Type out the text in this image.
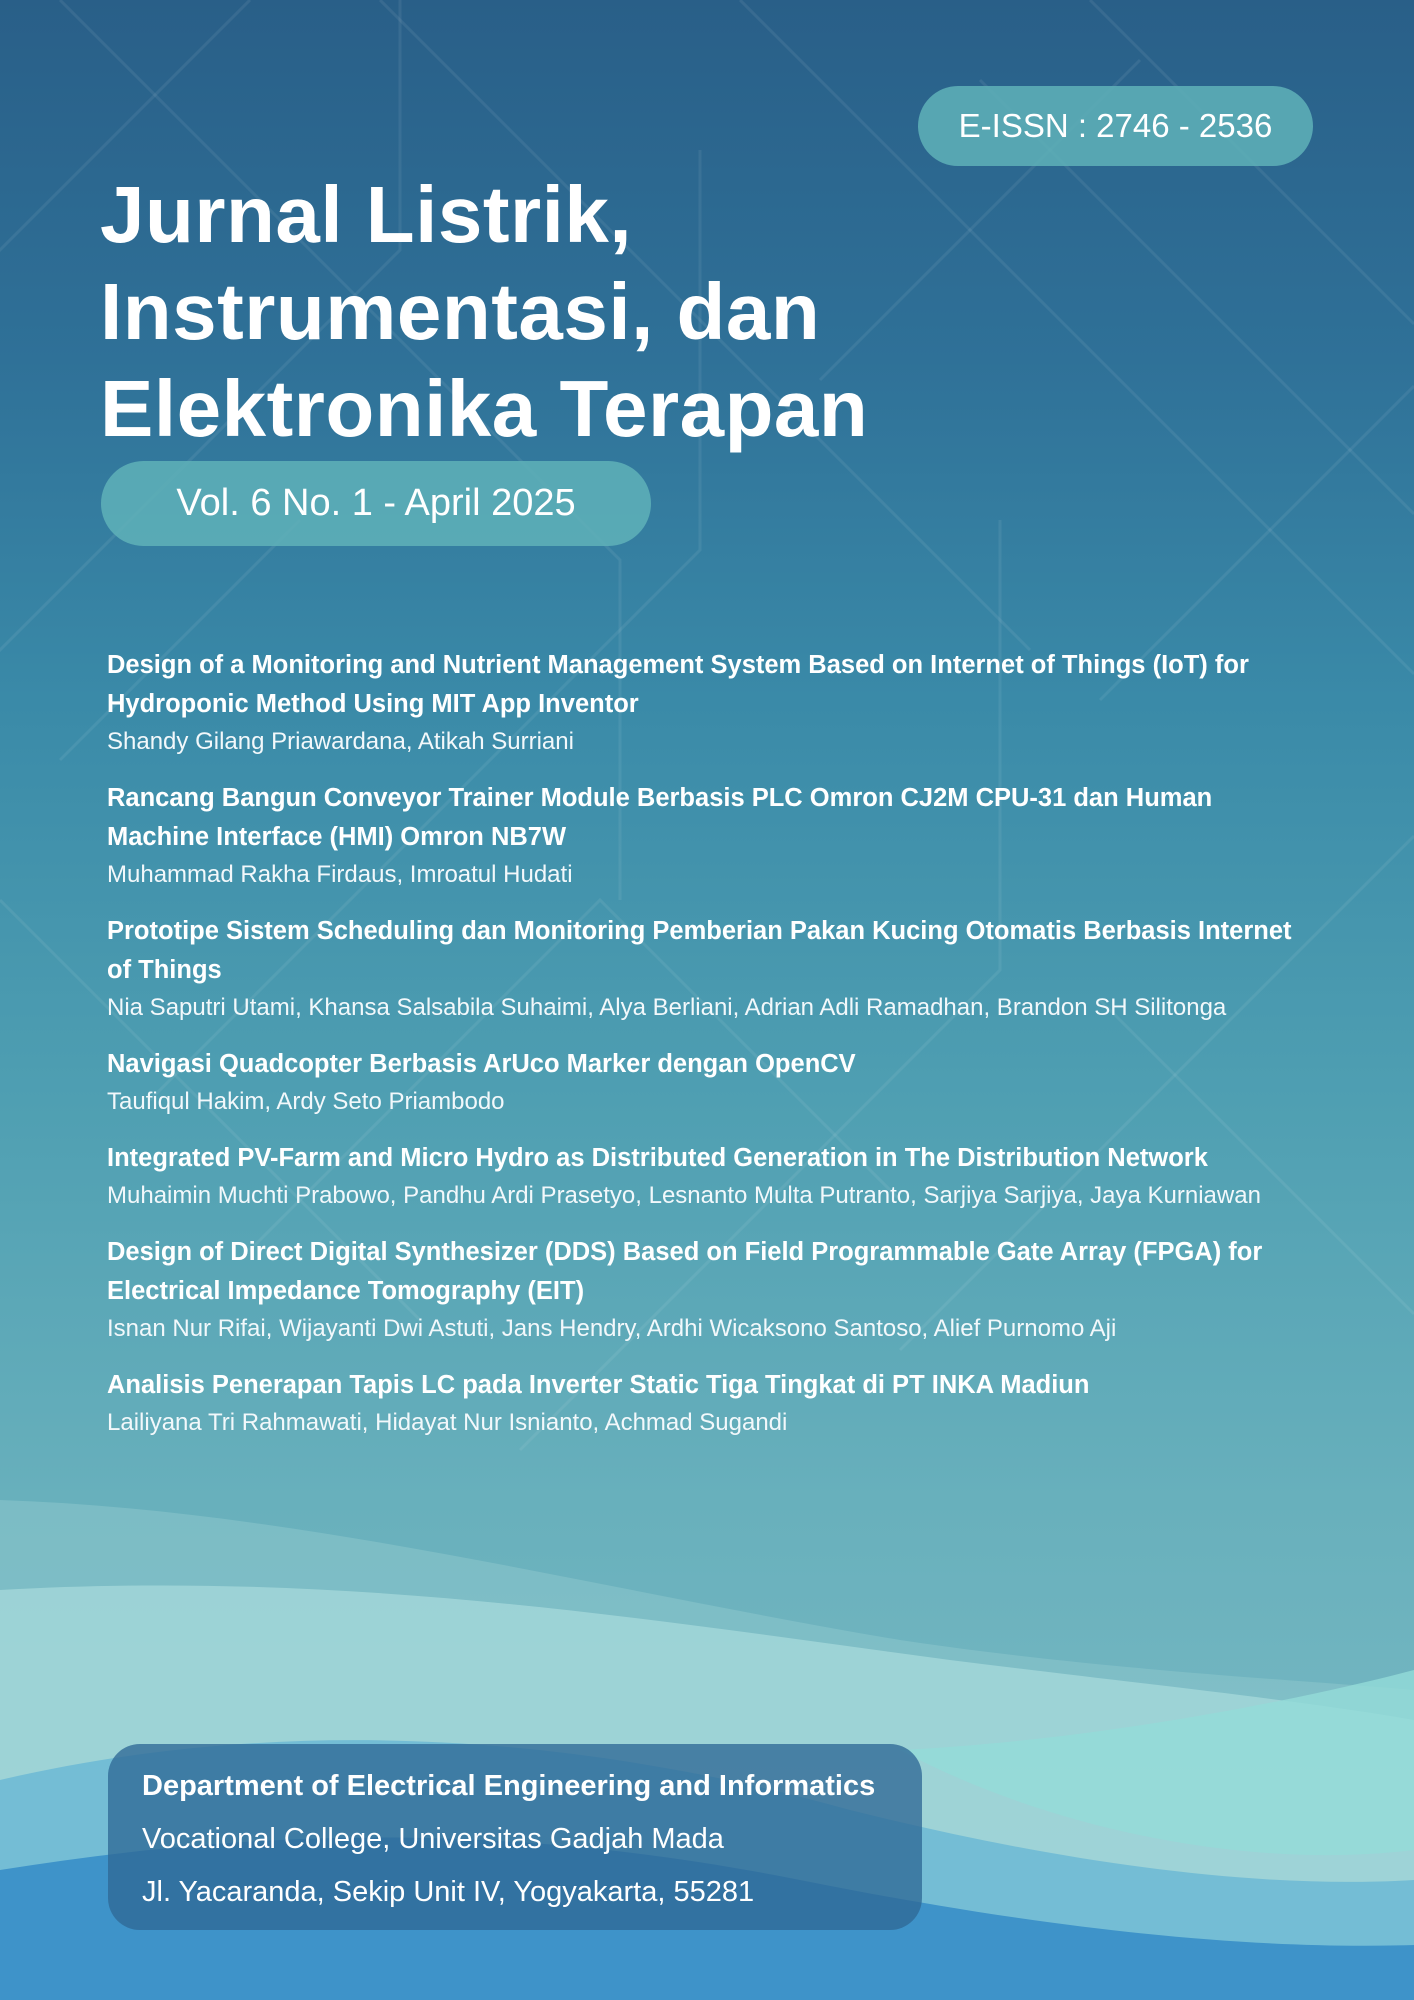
E-ISSN : 2746 - 2536
Jurnal Listrik,
Instrumentasi, dan
Elektronika Terapan
Vol. 6 No. 1 - April 2025
Design of a Monitoring and Nutrient Management System Based on Internet of Things (IoT) for Hydroponic Method Using MIT App Inventor
Shandy Gilang Priawardana, Atikah Surriani
Rancang Bangun Conveyor Trainer Module Berbasis PLC Omron CJ2M CPU-31 dan Human Machine Interface (HMI) Omron NB7W
Muhammad Rakha Firdaus, Imroatul Hudati
Prototipe Sistem Scheduling dan Monitoring Pemberian Pakan Kucing Otomatis Berbasis Internet of Things
Nia Saputri Utami, Khansa Salsabila Suhaimi, Alya Berliani, Adrian Adli Ramadhan, Brandon SH Silitonga
Navigasi Quadcopter Berbasis ArUco Marker dengan OpenCV
Taufiqul Hakim, Ardy Seto Priambodo
Integrated PV-Farm and Micro Hydro as Distributed Generation in The Distribution Network
Muhaimin Muchti Prabowo, Pandhu Ardi Prasetyo, Lesnanto Multa Putranto, Sarjiya Sarjiya, Jaya Kurniawan
Design of Direct Digital Synthesizer (DDS) Based on Field Programmable Gate Array (FPGA) for Electrical Impedance Tomography (EIT)
Isnan Nur Rifai, Wijayanti Dwi Astuti, Jans Hendry, Ardhi Wicaksono Santoso, Alief Purnomo Aji
Analisis Penerapan Tapis LC pada Inverter Static Tiga Tingkat di PT INKA Madiun
Lailiyana Tri Rahmawati, Hidayat Nur Isnianto, Achmad Sugandi
Department of Electrical Engineering and Informatics
Vocational College, Universitas Gadjah Mada
Jl. Yacaranda, Sekip Unit IV, Yogyakarta, 55281
